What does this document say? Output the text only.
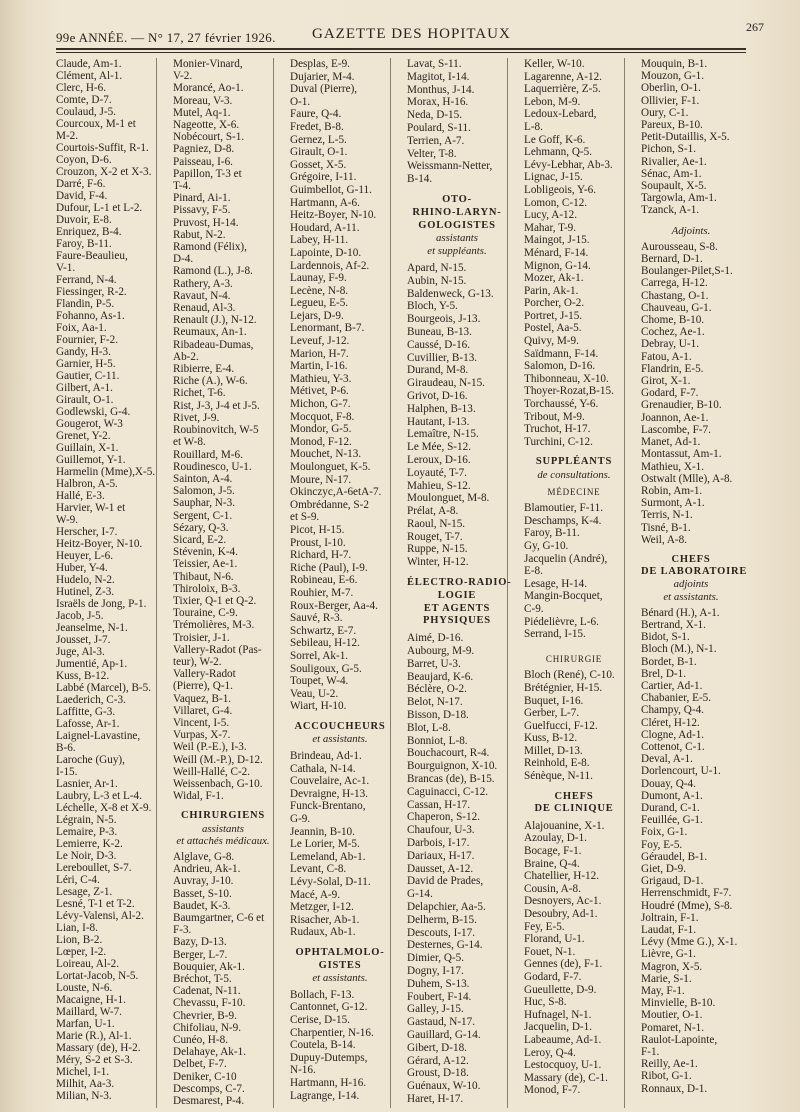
99e ANNÉE. — N° 17, 27 février 1926. GAZETTE DES HOPITAUX	267
Claude, Am-1.
Clément, Al-1.
Clerc, H-6.
Comte, D-7.
Coulaud, J-5.
Courcoux, M-1 et
M-2.
Courtois-Suffit, R-1.
Coyon, D-6.
Crouzon, X-2 et X-3.
Darré, F-6.
David, F-4.
Dufour, L-1 et L-2.
Duvoir, E-8.
Enriquez, B-4.
Faroy, B-11.
Faure-Beaulieu,
V-1.
Ferrand, N-4.
Fiessinger, R-2.
Flandin, P-5.
Fohanno, As-1.
Foix, Aa-1.
Fournier, F-2.
Gandy, H-3.
Garnier, H-5.
Gautier, C-11.
Gilbert, A-1.
Girault, O-1.
Godlewski, G-4.
Gougerot, W-3
Grenet, Y-2.
Guillain, X-1.
Guillemot, Y-1.
Harmelin (Mme),X-5.
Halbron, A-5.
Hallé, E-3.
Harvier, W-1 et
W-9.
Herscher, I-7.
Heitz-Boyer, N-10.
Heuyer, L-6.
Huber, Y-4.
Hudelo, N-2.
Hutinel, Z-3.
Israëls de Jong, P-1.
Jacob, J-5.
Jeanselme, N-1.
Jousset, J-7.
Juge, Al-3.
Jumentié, Ap-1.
Kuss, B-12.
Labbé (Marcel), B-5.
Laederich, C-3.
Laffitte, G-3.
Lafosse, Ar-1.
Laignel-Lavastine,
B-6.
Laroche (Guy),
I-15.
Lasnier, Ar-1.
Laubry, L-3 et L-4.
Léchelle, X-8 et X-9.
Légrain, N-5.
Lemaire, P-3.
Lemierre, K-2.
Le Noir, D-3.
Lereboullet, S-7.
Léri, C-4.
Lesage, Z-1.
Lesné, T-1 et T-2.
Lévy-Valensi, Al-2.
Lian, I-8.
Lion, B-2.
Lœper, I-2.
Loireau, Al-2.
Lortat-Jacob, N-5.
Louste, N-6.
Macaigne, H-1.
Maillard, W-7.
Marfan, U-1.
Marie (R.), Al-1.
Massary (de), H-2.
Méry, S-2 et S-3.
Michel, I-1.
Milhit, Aa-3.
Milian, N-3.
Monier-Vinard,
V-2.
Morancé, Ao-1.
Moreau, V-3.
Mutel, Aq-1.
Nageotte, X-6.
Nobécourt, S-1.
Pagniez, D-8.
Paisseau, I-6.
Papillon, T-3 et
T-4.
Pinard, Ai-1.
Pissavy, F-5.
Pruvost, H-14.
Rabut, N-2.
Ramond (Félix),
D-4.
Ramond (L.), J-8.
Rathery, A-3.
Ravaut, N-4.
Renaud, Al-3.
Renault (J.), N-12.
Reumaux, An-1.
Ribadeau-Dumas,
Ab-2.
Ribierre, E-4.
Riche (A.), W-6.
Richet, T-6.
Rist, J-3, J-4 et J-5.
Rivet, J-9.
Roubinovitch, W-5
et W-8.
Rouillard, M-6.
Roudinesco, U-1.
Sainton, A-4.
Salomon, J-5.
Sauphar, N-3.
Sergent, C-1.
Sézary, Q-3.
Sicard, E-2.
Stévenin, K-4.
Teissier, Ae-1.
Thibaut, N-6.
Thiroloix, B-3.
Tixier, Q-1 et Q-2.
Touraine, C-9.
Trémolières, M-3.
Troisier, J-1.
Vallery-Radot (Pas-
teur), W-2.
Vallery-Radot
(Pierre), Q-1.
Vaquez, B-1.
Villaret, G-4.
Vincent, I-5.
Vurpas, X-7.
Weil (P.-E.), I-3.
Weill (M.-P.), D-12.
Weill-Hallé, C-2.
Weissenbach, G-10.
Widal, F-1.
CHIRURGIENS
assistants
et attachés médicaux.
Alglave, G-8.
Andrieu, Ak-1.
Auvray, J-10.
Basset, S-10.
Baudet, K-3.
Baumgartner, C-6 et
F-3.
Bazy, D-13.
Berger, L-7.
Bouquier, Ak-1.
Bréchot, T-5.
Cadenat, N-11.
Chevassu, F-10.
Chevrier, B-9.
Chifoliau, N-9.
Cunéo, H-8.
Delahaye, Ak-1.
Delbet, F-7.
Deniker, C-10
Descomps, C-7.
Desmarest, P-4.
Desplas, E-9.
Dujarier, M-4.
Duval (Pierre),
O-1.
Faure, Q-4.
Fredet, B-8.
Gernez, L-5.
Girault, O-1.
Gosset, X-5.
Grégoire, I-11.
Guimbellot, G-11.
Hartmann, A-6.
Heitz-Boyer, N-10.
Houdard, A-11.
Labey, H-11.
Lapointe, D-10.
Lardennois, Af-2.
Launay, F-9.
Lecène, N-8.
Legueu, E-5.
Lejars, D-9.
Lenormant, B-7.
Leveuf, J-12.
Marion, H-7.
Martin, I-16.
Mathieu, Y-3.
Métivet, P-6.
Michon, G-7.
Mocquot, F-8.
Mondor, G-5.
Monod, F-12.
Mouchet, N-13.
Moulonguet, K-5.
Moure, N-17.
Okinczyc,A-6etA-7.
Ombrédanne, S-2
et S-9.
Picot, H-15.
Proust, I-10.
Richard, H-7.
Riche (Paul), I-9.
Robineau, E-6.
Rouhier, M-7.
Roux-Berger, Aa-4.
Sauvé, R-3.
Schwartz, E-7.
Sebileau, H-12.
Sorrel, Ak-1.
Souligoux, G-5.
Toupet, W-4.
Veau, U-2.
Wiart, H-10.
ACCOUCHEURS
et assistants.
Brindeau, Ad-1.
Cathala, N-14.
Couvelaire, Ac-1.
Devraigne, H-13.
Funck-Brentano,
G-9.
Jeannin, B-10.
Le Lorier, M-5.
Lemeland, Ab-1.
Levant, C-8.
Lévy-Solal, D-11.
Macé, A-9.
Metzger, I-12.
Risacher, Ab-1.
Rudaux, Ab-1.
OPHTALMOLO-
GISTES
et assistants.
Bollach, F-13.
Cantonnet, G-12.
Cerise, D-15.
Charpentier, N-16.
Coutela, B-14.
Dupuy-Dutemps,
N-16.
Hartmann, H-16.
Lagrange, I-14.
Lavat, S-11.
Magitot, I-14.
Monthus, J-14.
Morax, H-16.
Neda, D-15.
Poulard, S-11.
Terrien, A-7.
Velter, T-8.
Weissmann-Netter,
B-14.
OTO-
RHINO-LARYN-
GOLOGISTES
assistants
et suppléants.
Apard, N-15.
Aubin, N-15.
Baldenweck, G-13.
Bloch, Y-5.
Bourgeois, J-13.
Buneau, B-13.
Caussé, D-16.
Cuvillier, B-13.
Durand, M-8.
Giraudeau, N-15.
Grivot, D-16.
Halphen, B-13.
Hautant, I-13.
Lemaître, N-15.
Le Mée, S-12.
Leroux, D-16.
Loyauté, T-7.
Mahieu, S-12.
Moulonguet, M-8.
Prélat, A-8.
Raoul, N-15.
Rouget, T-7.
Ruppe, N-15.
Winter, H-12.
ÉLECTRO-RADIO-
LOGIE
ET AGENTS
PHYSIQUES
Aimé, D-16.
Aubourg, M-9.
Barret, U-3.
Beaujard, K-6.
Béclère, O-2.
Belot, N-17.
Bisson, D-18.
Blot, L-8.
Bonniot, L-8.
Bouchacourt, R-4.
Bourguignon, X-10.
Brancas (de), B-15.
Caguinacci, C-12.
Cassan, H-17.
Chaperon, S-12.
Chaufour, U-3.
Darbois, I-17.
Dariaux, H-17.
Dausset, A-12.
David de Prades,
G-14.
Delapchier, Aa-5.
Delherm, B-15.
Descouts, I-17.
Desternes, G-14.
Dimier, Q-5.
Dogny, I-17.
Duhem, S-13.
Foubert, F-14.
Galley, J-15.
Gastaud, N-17.
Gauillard, G-14.
Gibert, D-18.
Gérard, A-12.
Groust, D-18.
Guénaux, W-10.
Haret, H-17.
Keller, W-10.
Lagarenne, A-12.
Laquerrière, Z-5.
Lebon, M-9.
Ledoux-Lebard,
L-8.
Le Goff, K-6.
Lehmann, Q-5.
Lévy-Lebhar, Ab-3.
Lignac, J-15.
Lobligeois, Y-6.
Lomon, C-12.
Lucy, A-12.
Mahar, T-9.
Maingot, J-15.
Ménard, F-14.
Mignon, G-14.
Mozer, Ak-1.
Parin, Ak-1.
Porcher, O-2.
Portret, J-15.
Postel, Aa-5.
Quivy, M-9.
Saïdmann, F-14.
Salomon, D-16.
Thibonneau, X-10.
Thoyer-Rozat,B-15.
Torchaussé, Y-6.
Tribout, M-9.
Truchot, H-17.
Turchini, C-12.
SUPPLÉANTS
de consultations.
MÉDECINE
Blamoutier, F-11.
Deschamps, K-4.
Faroy, B-11.
Gy, G-10.
Jacquelin (André),
E-8.
Lesage, H-14.
Mangin-Bocquet,
C-9.
Piédelièvre, L-6.
Serrand, I-15.
CHIRURGIE
Bloch (René), C-10.
Brétégnier, H-15.
Buquet, I-16.
Gerber, L-7.
Guelfucci, F-12.
Kuss, B-12.
Millet, D-13.
Reinhold, E-8.
Sénèque, N-11.
CHEFS
DE CLINIQUE
Alajouanine, X-1.
Azoulay, D-1.
Bocage, F-1.
Braine, Q-4.
Chatellier, H-12.
Cousin, A-8.
Desnoyers, Ac-1.
Desoubry, Ad-1.
Fey, E-5.
Florand, U-1.
Fouet, N-1.
Gennes (de), F-1.
Godard, F-7.
Gueullette, D-9.
Huc, S-8.
Hufnagel, N-1.
Jacquelin, D-1.
Labeaume, Ad-1.
Leroy, Q-4.
Lestocquoy, U-1.
Massary (de), C-1.
Monod, F-7.
Mouquin, B-1.
Mouzon, G-1.
Oberlin, O-1.
Ollivier, F-1.
Oury, C-1.
Pareux, B-10.
Petit-Dutaillis, X-5.
Pichon, S-1.
Rivalier, Ae-1.
Sénac, Am-1.
Soupault, X-5.
Targowla, Am-1.
Tzanck, A-1.
Adjoints.
Aurousseau, S-8.
Bernard, D-1.
Boulanger-Pilet,S-1.
Carrega, H-12.
Chastang, O-1.
Chauveau, G-1.
Chome, B-10.
Cochez, Ae-1.
Debray, U-1.
Fatou, A-1.
Flandrin, E-5.
Girot, X-1.
Godard, F-7.
Grenaudier, B-10.
Joannon, Ae-1.
Lascombe, F-7.
Manet, Ad-1.
Montassut, Am-1.
Mathieu, X-1.
Ostwalt (Mlle), A-8.
Robin, Am-1.
Surmont, A-1.
Terris, N-1.
Tisné, B-1.
Weil, A-8.
CHEFS
DE LABORATOIRE
adjoints
et assistants.
Bénard (H.), A-1.
Bertrand, X-1.
Bidot, S-1.
Bloch (M.), N-1.
Bordet, B-1.
Brel, D-1.
Cartier, Ad-1.
Chabanier, E-5.
Champy, Q-4.
Cléret, H-12.
Clogne, Ad-1.
Cottenot, C-1.
Deval, A-1.
Dorlencourt, U-1.
Douay, Q-4.
Dumont, A-1.
Durand, C-1.
Feuillée, G-1.
Foix, G-1.
Foy, E-5.
Géraudel, B-1.
Giet, D-9.
Grigaud, D-1.
Herrenschmidt, F-7.
Houdré (Mme), S-8.
Joltrain, F-1.
Laudat, F-1.
Lévy (Mme G.), X-1.
Lièvre, G-1.
Magron, X-5.
Marie, S-1.
May, F-1.
Minvielle, B-10.
Moutier, O-1.
Pomaret, N-1.
Raulot-Lapointe,
F-1.
Reilly, Ae-1.
Ribot, G-1.
Ronnaux, D-1.
